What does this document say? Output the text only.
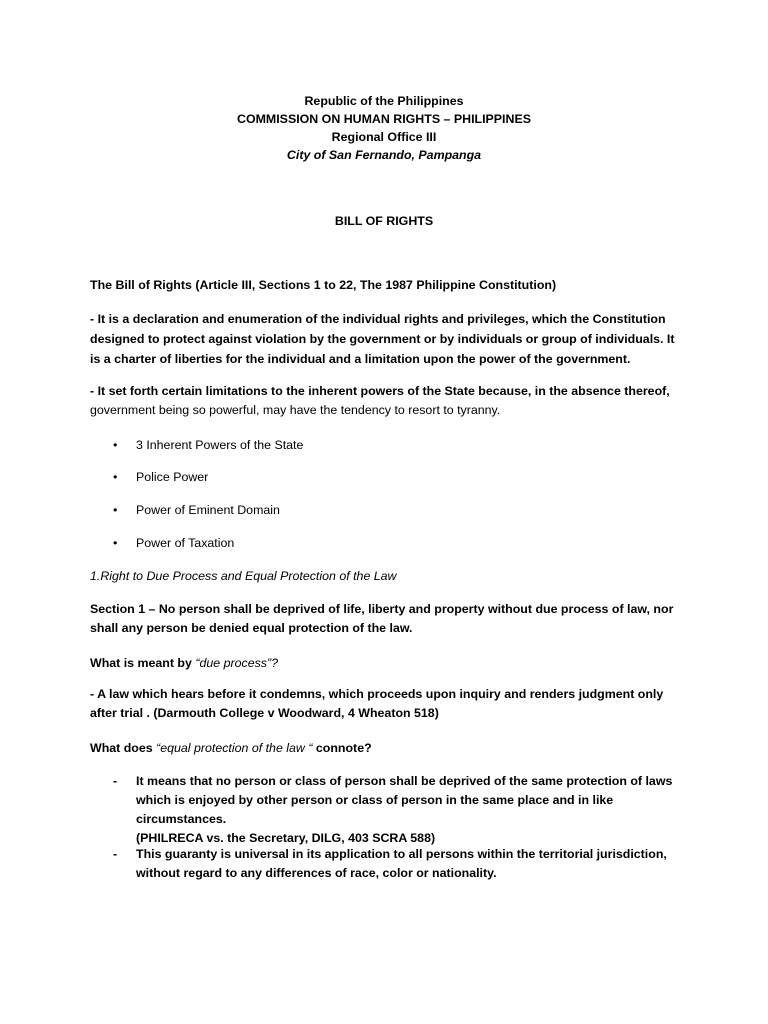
Republic of the Philippines

COMMISSION ON HUMAN RIGHTS – PHILIPPINES

Regional Office III

City of San Fernando, Pampanga

BILL OF RIGHTS

The Bill of Rights (Article III, Sections 1 to 22, The 1987 Philippine Constitution)

- It is a declaration and enumeration of the individual rights and privileges, which the Constitution designed to protect against violation by the government or by individuals or group of individuals. It is a charter of liberties for the individual and a limitation upon the power of the government.

- It set forth certain limitations to the inherent powers of the State because, in the absence thereof,
government being so powerful, may have the tendency to resort to tyranny.

• 3 Inherent Powers of the State
• Police Power
• Power of Eminent Domain
• Power of Taxation

1.Right to Due Process and Equal Protection of the Law

Section 1 – No person shall be deprived of life, liberty and property without due process of law, nor
shall any person be denied equal protection of the law.

What is meant by “due process”?

- A law which hears before it condemns, which proceeds upon inquiry and renders judgment only
after trial . (Darmouth College v Woodward, 4 Wheaton 518)

What does “equal protection of the law “ connote?

- It means that no person or class of person shall be deprived of the same protection of laws
which is enjoyed by other person or class of person in the same place and in like circumstances.
(PHILRECA vs. the Secretary, DILG, 403 SCRA 588)

- This guaranty is universal in its application to all persons within the territorial jurisdiction,
without regard to any differences of race, color or nationality.
